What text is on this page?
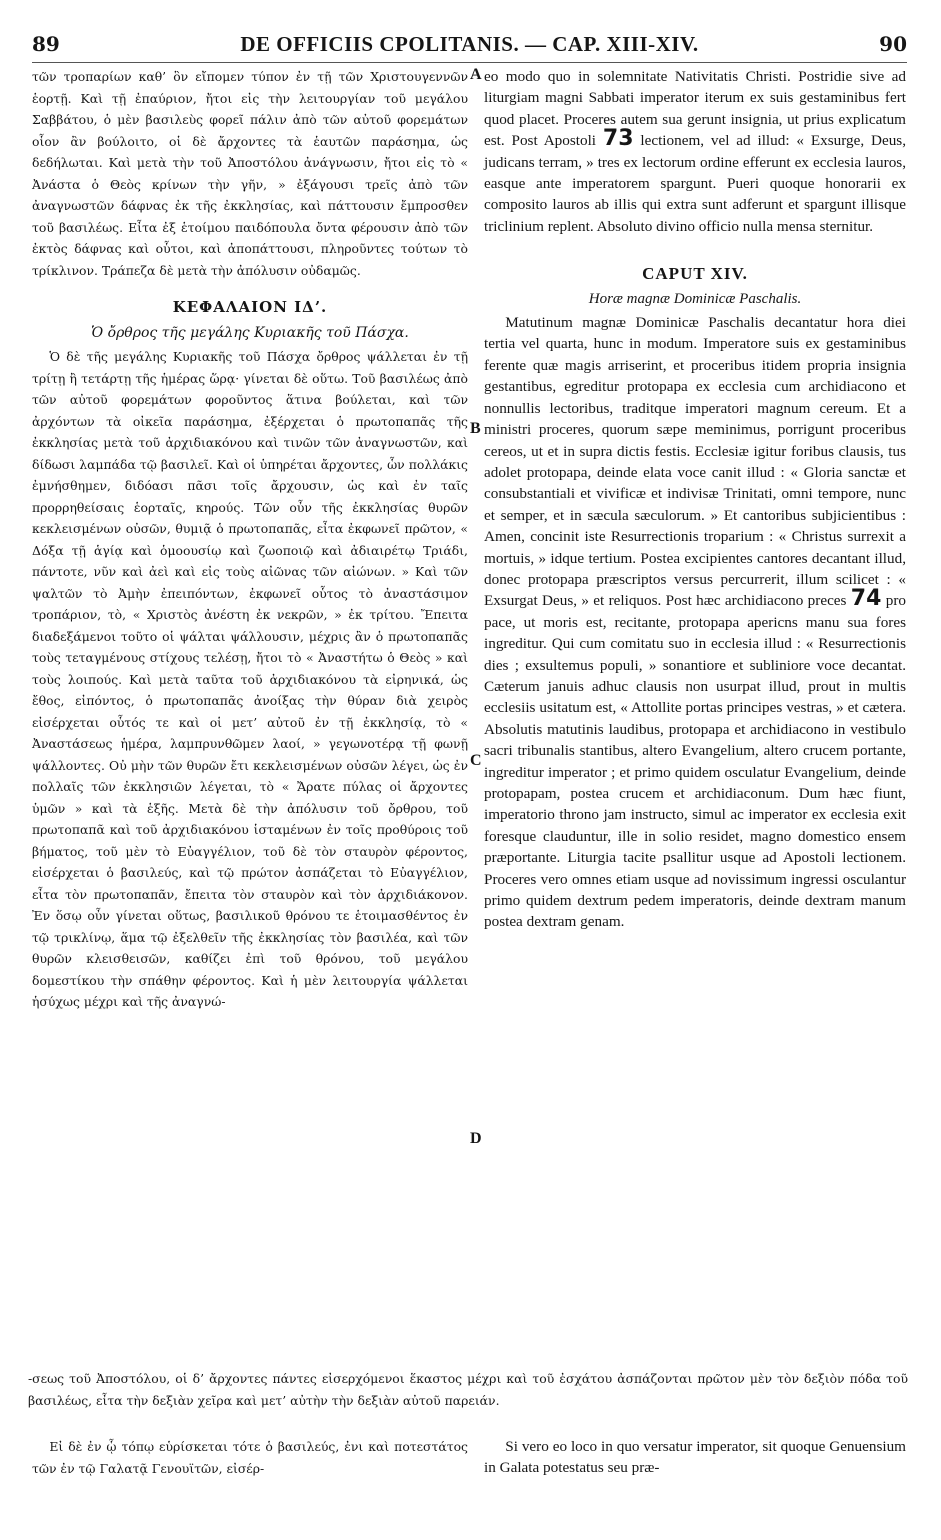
89	DE OFFICIIS CPOLITANIS. — CAP. XIII-XIV.	90

τῶν τροπαρίων καθ’ ὃν εἴπομεν τύπον ἐν τῇ τῶν Χριστουγεννῶν ἑορτῇ. Καὶ τῇ ἐπαύριον, ἤτοι εἰς τὴν λειτουργίαν τοῦ μεγάλου Σαββάτου, ὁ μὲν βασιλεὺς φορεῖ πάλιν ἀπὸ τῶν αὐτοῦ φορεμάτων οἷον ἂν βούλοιτο, οἱ δὲ ἄρχοντες τὰ ἑαυτῶν παράσημα, ὡς δεδήλωται. Καὶ μετὰ τὴν τοῦ Ἀποστόλου ἀνάγνωσιν, ἤτοι εἰς τὸ « Ἀνάστα ὁ Θεὸς κρίνων τὴν γῆν, » ἐξάγουσι τρεῖς ἀπὸ τῶν ἀναγνωστῶν δάφνας ἐκ τῆς ἐκκλησίας, καὶ πάττουσιν ἔμπροσθεν τοῦ βασιλέως. Εἶτα ἐξ ἑτοίμου παιδόπουλα ὄντα φέρουσιν ἀπὸ τῶν ἐκτὸς δάφνας καὶ οὗτοι, καὶ ἀποπάττουσι, πληροῦντες τούτων τὸ τρίκλινον. Τράπεζα δὲ μετὰ τὴν ἀπόλυσιν οὐδαμῶς.

ΚΕΦΑΛΑΙΟΝ ΙΔ’.
Ὁ ὄρθρος τῆς μεγάλης Κυριακῆς τοῦ Πάσχα.

Ὁ δὲ τῆς μεγάλης Κυριακῆς τοῦ Πάσχα ὄρθρος ψάλλεται ἐν τῇ τρίτῃ ἢ τετάρτῃ τῆς ἡμέρας ὥρᾳ· γίνεται δὲ οὕτω. Τοῦ βασιλέως ἀπὸ τῶν αὐτοῦ φορεμάτων φοροῦντος ἅτινα βούλεται, καὶ τῶν ἀρχόντων τὰ οἰκεῖα παράσημα, ἐξέρχεται ὁ πρωτοπαπᾶς τῆς ἐκκλησίας μετὰ τοῦ ἀρχιδιακόνου καὶ τινῶν τῶν ἀναγνωστῶν, καὶ δίδωσι λαμπάδα τῷ βασιλεῖ. Καὶ οἱ ὑπηρέται ἄρχοντες, ὧν πολλάκις ἐμνήσθημεν, διδόασι πᾶσι τοῖς ἄρχουσιν, ὡς καὶ ἐν ταῖς προρρηθείσαις ἑορταῖς, κηρούς. Τῶν οὖν τῆς ἐκκλησίας θυρῶν κεκλεισμένων οὐσῶν, θυμιᾷ ὁ πρωτοπαπᾶς, εἶτα ἐκφωνεῖ πρῶτον, « Δόξα τῇ ἁγίᾳ καὶ ὁμοουσίῳ καὶ ζωοποιῷ καὶ ἀδιαιρέτῳ Τριάδι, πάντοτε, νῦν καὶ ἀεὶ καὶ εἰς τοὺς αἰῶνας τῶν αἰώνων. » Καὶ τῶν ψαλτῶν τὸ Ἀμὴν ἐπειπόντων, ἐκφωνεῖ οὗτος τὸ ἀναστάσιμον τροπάριον, τὸ, « Χριστὸς ἀνέστη ἐκ νεκρῶν, » ἐκ τρίτου. Ἔπειτα διαδεξάμενοι τοῦτο οἱ ψάλται ψάλλουσιν, μέχρις ἂν ὁ πρωτοπαπᾶς τοὺς τεταγμένους στίχους τελέσῃ, ἤτοι τὸ « Ἀναστήτω ὁ Θεὸς » καὶ τοὺς λοιπούς. Καὶ μετὰ ταῦτα τοῦ ἀρχιδιακόνου τὰ εἰρηνικά, ὡς ἔθος, εἰπόντος, ὁ πρωτοπαπᾶς ἀνοίξας τὴν θύραν διὰ χειρὸς εἰσέρχεται οὗτός τε καὶ οἱ μετ’ αὐτοῦ ἐν τῇ ἐκκλησίᾳ, τὸ « Ἀναστάσεως ἡμέρα, λαμπρυνθῶμεν λαοί, » γεγωνοτέρᾳ τῇ φωνῇ ψάλλοντες. Οὐ μὴν τῶν θυρῶν ἔτι κεκλεισμένων οὐσῶν λέγει, ὡς ἐν πολλαῖς τῶν ἐκκλησιῶν λέγεται, τὸ « Ἄρατε πύλας οἱ ἄρχοντες ὑμῶν » καὶ τὰ ἑξῆς. Μετὰ δὲ τὴν ἀπόλυσιν τοῦ ὄρθρου, τοῦ πρωτοπαπᾶ καὶ τοῦ ἀρχιδιακόνου ἱσταμένων ἐν τοῖς προθύροις τοῦ βήματος, τοῦ μὲν τὸ Εὐαγγέλιον, τοῦ δὲ τὸν σταυρὸν φέροντος, εἰσέρχεται ὁ βασιλεύς, καὶ τῷ πρώτον ἀσπάζεται τὸ Εὐαγγέλιον, εἶτα τὸν πρωτοπαπᾶν, ἔπειτα τὸν σταυρὸν καὶ τὸν ἀρχιδιάκονον. Ἐν ὅσῳ οὖν γίνεται οὕτως, βασιλικοῦ θρόνου τε ἑτοιμασθέντος ἐν τῷ τρικλίνῳ, ἅμα τῷ ἐξελθεῖν τῆς ἐκκλησίας τὸν βασιλέα, καὶ τῶν θυρῶν κλεισθεισῶν, καθίζει ἐπὶ τοῦ θρόνου, τοῦ μεγάλου δομεστίκου τὴν σπάθην φέροντος. Καὶ ἡ μὲν λειτουργία ψάλλεται ἡσύχως μέχρι καὶ τῆς ἀναγνώ-

eo modo quo in solemnitate Nativitatis Christi. Postridie sive ad liturgiam magni Sabbati imperator iterum ex suis gestaminibus fert quod placet. Proceres autem sua gerunt insignia, ut prius explicatum est. Post Apostoli 73 lectionem, vel ad illud: « Exsurge, Deus, judicans terram, » tres ex lectorum ordine efferunt ex ecclesia lauros, easque ante imperatorem spargunt. Pueri quoque honorarii ex composito lauros ab illis qui extra sunt adferunt et spargunt illisque triclinium replent. Absoluto divino officio nulla mensa sternitur.

CAPUT XIV.
Horæ magnæ Dominicæ Paschalis.

Matutinum magnæ Dominicæ Paschalis decantatur hora diei tertia vel quarta, hunc in modum. Imperatore suis ex gestaminibus ferente quæ magis arriserint, et proceribus itidem propria insignia gestantibus, egreditur protopapa ex ecclesia cum archidiacono et nonnullis lectoribus, traditque imperatori magnum cereum. Et a ministri proceres, quorum sæpe meminimus, porrigunt proceribus cereos, ut et in supra dictis festis. Ecclesiæ igitur foribus clausis, tus adolet protopapa, deinde elata voce canit illud : « Gloria sanctæ et consubstantiali et vivificæ et indivisæ Trinitati, omni tempore, nunc et semper, et in sæcula sæculorum. » Et cantoribus subjicientibus : Amen, concinit iste Resurrectionis troparium : « Christus surrexit a mortuis, » idque tertium. Postea excipientes cantores decantant illud, donec protopapa præscriptos versus percurrerit, illum scilicet : « Exsurgat Deus, » et reliquos. Post hæc archidiacono preces 74 pro pace, ut moris est, recitante, protopapa apericns manu sua fores ingreditur. Qui cum comitatu suo in ecclesia illud : « Resurrectionis dies ; exsultemus populi, » sonantiore et subliniore voce decantat. Cæterum januis adhuc clausis non usurpat illud, prout in multis ecclesiis usitatum est, « Attollite portas principes vestras, » et cætera. Absolutis matutinis laudibus, protopapa et archidiacono in vestibulo sacri tribunalis stantibus, altero Evangelium, altero crucem portante, ingreditur imperator ; et primo quidem osculatur Evangelium, deinde protopapam, postea crucem et archidiaconum. Dum hæc fiunt, imperatorio throno jam instructo, simul ac imperator ex ecclesia exit foresque clauduntur, ille in solio residet, magno domestico ensem præportante. Liturgia tacite psallitur usque ad Apostoli lectionem. Proceres vero omnes etiam usque ad novissimum ingressi osculantur primo quidem dextrum pedem imperatoris, deinde dextram manum postea dextram genam.

A
B
C
D
-σεως τοῦ Ἀποστόλου, οἱ δ’ ἄρχοντες πάντες εἰσερχόμενοι ἕκαστος μέχρι καὶ τοῦ ἐσχάτου ἀσπάζονται πρῶτον μὲν τὸν δεξιὸν πόδα τοῦ βασιλέως, εἶτα τὴν δεξιὰν χεῖρα καὶ μετ’ αὐτὴν τὴν δεξιὰν αὐτοῦ παρειάν.
Εἰ δὲ ἐν ᾧ τόπῳ εὑρίσκεται τότε ὁ βασιλεύς, ἐνι καὶ ποτεστάτος τῶν ἐν τῷ Γαλατᾷ Γενουϊτῶν, εἰσέρ-
Si vero eo loco in quo versatur imperator, sit quoque Genuensium in Galata potestatus seu præ-
